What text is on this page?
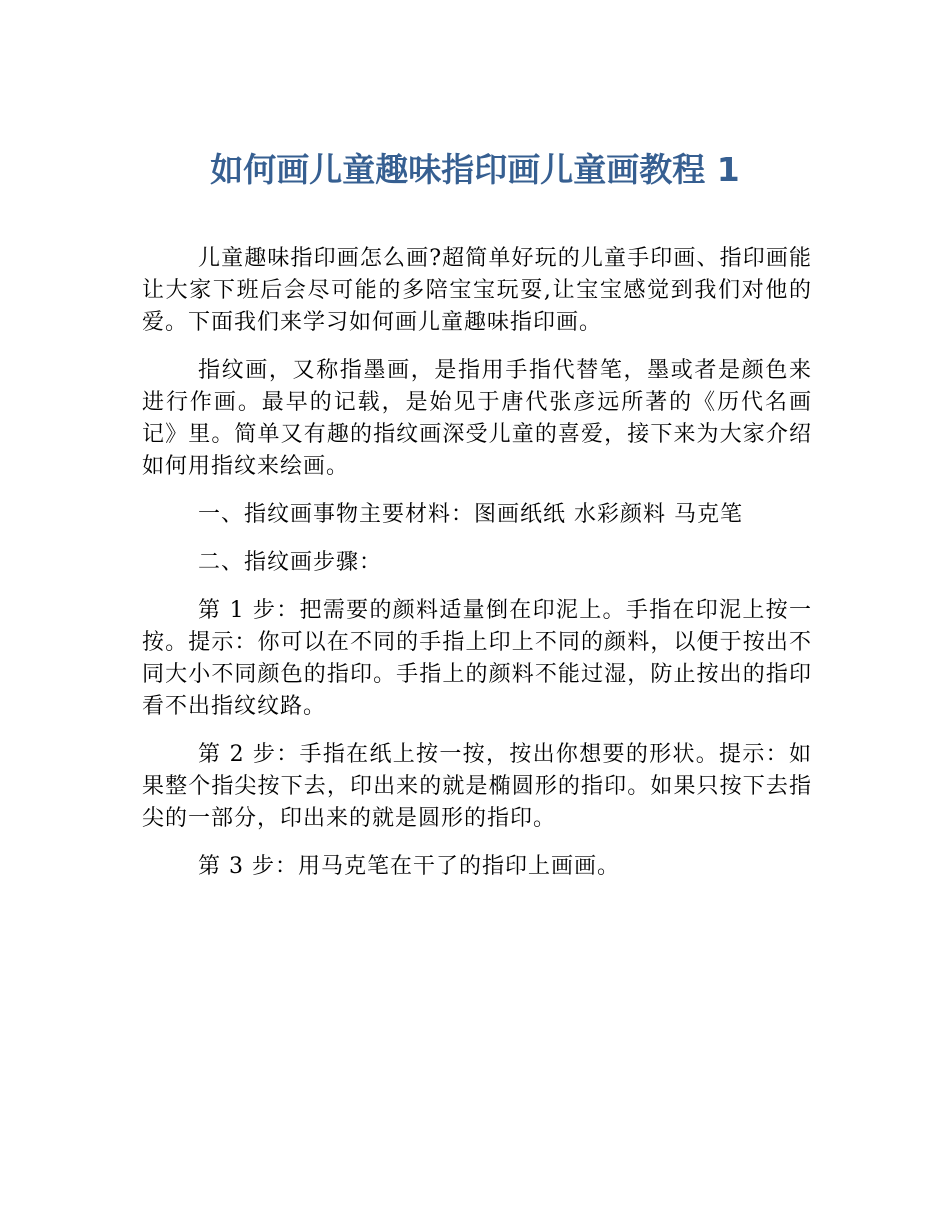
如何画儿童趣味指印画儿童画教程 1

儿童趣味指印画怎么画?超简单好玩的儿童手印画、指印画能让大家下班后会尽可能的多陪宝宝玩耍,让宝宝感觉到我们对他的爱。下面我们来学习如何画儿童趣味指印画。

指纹画，又称指墨画，是指用手指代替笔，墨或者是颜色来进行作画。最早的记载，是始见于唐代张彦远所著的《历代名画记》里。简单又有趣的指纹画深受儿童的喜爱，接下来为大家介绍如何用指纹来绘画。

一、指纹画事物主要材料：图画纸纸 水彩颜料 马克笔

二、指纹画步骤：

第 1 步：把需要的颜料适量倒在印泥上。手指在印泥上按一按。提示：你可以在不同的手指上印上不同的颜料，以便于按出不同大小不同颜色的指印。手指上的颜料不能过湿，防止按出的指印看不出指纹纹路。

第 2 步：手指在纸上按一按，按出你想要的形状。提示：如果整个指尖按下去，印出来的就是椭圆形的指印。如果只按下去指尖的一部分，印出来的就是圆形的指印。

第 3 步：用马克笔在干了的指印上画画。
